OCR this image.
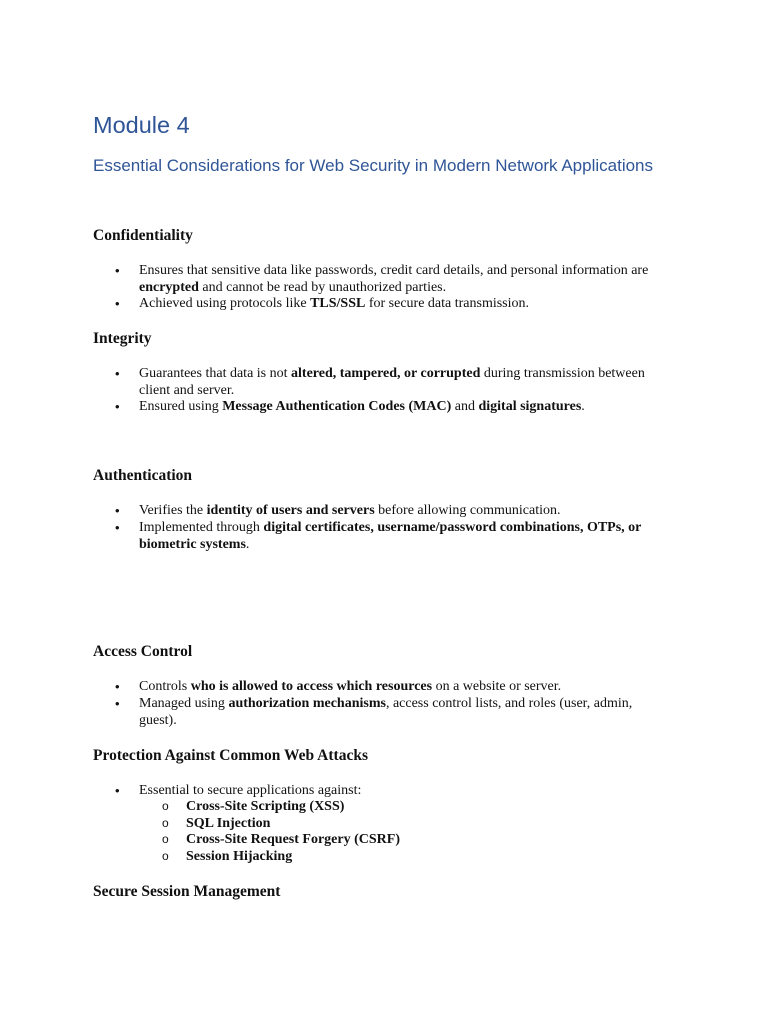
Module 4
Essential Considerations for Web Security in Modern Network Applications
Confidentiality

• Ensures that sensitive data like passwords, credit card details, and personal information are encrypted and cannot be read by unauthorized parties.

• Achieved using protocols like TLS/SSL for secure data transmission.

Integrity

• Guarantees that data is not altered, tampered, or corrupted during transmission between client and server.

• Ensured using Message Authentication Codes (MAC) and digital signatures.

Authentication

• Verifies the identity of users and servers before allowing communication.

• Implemented through digital certificates, username/password combinations, OTPs, or biometric systems.

Access Control

• Controls who is allowed to access which resources on a website or server.

• Managed using authorization mechanisms, access control lists, and roles (user, admin, guest).

Protection Against Common Web Attacks

• Essential to secure applications against:

o Cross-Site Scripting (XSS)

o SQL Injection

o Cross-Site Request Forgery (CSRF)

o Session Hijacking

Secure Session Management
